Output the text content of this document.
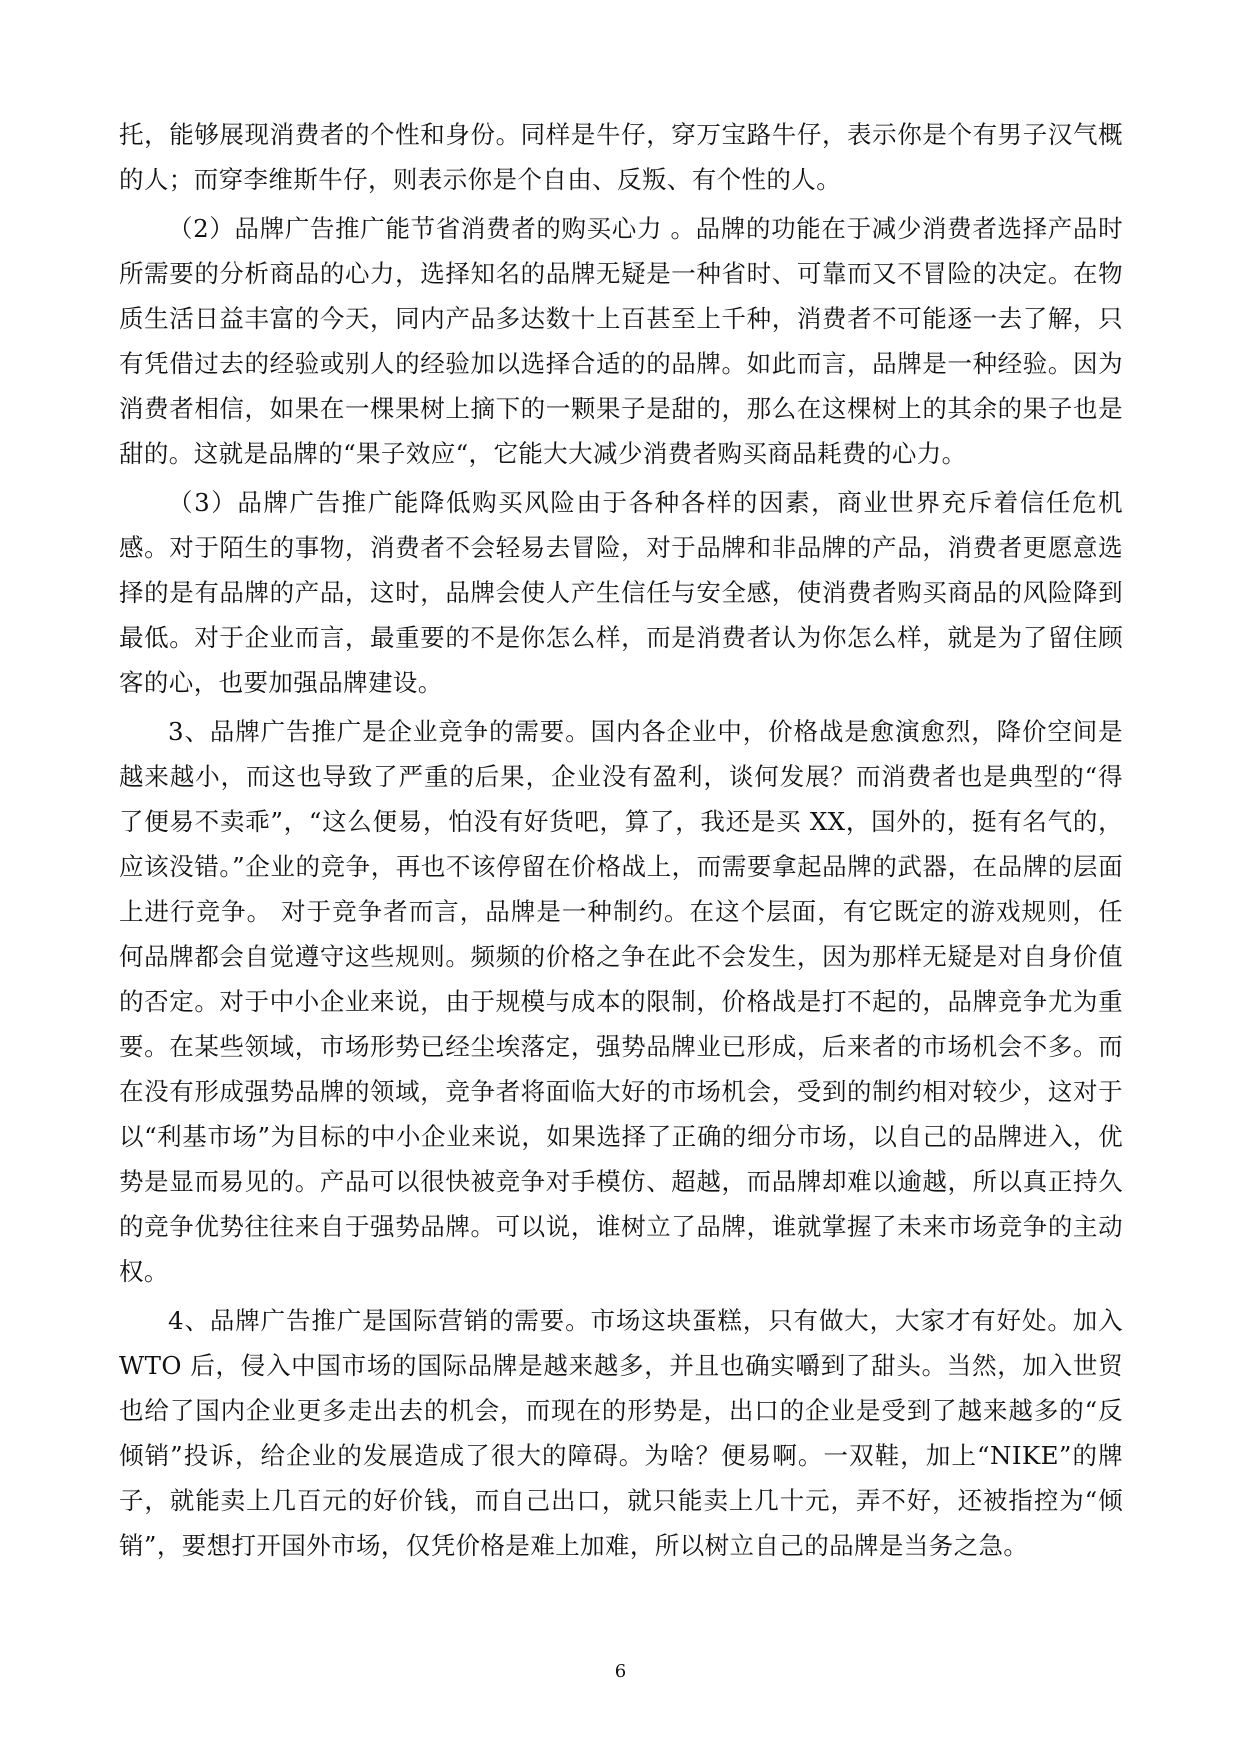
托，能够展现消费者的个性和身份。同样是牛仔，穿万宝路牛仔，表示你是个有男子汉气概的人；而穿李维斯牛仔，则表示你是个自由、反叛、有个性的人。

（2）品牌广告推广能节省消费者的购买心力 。品牌的功能在于减少消费者选择产品时所需要的分析商品的心力，选择知名的品牌无疑是一种省时、可靠而又不冒险的决定。在物质生活日益丰富的今天，同内产品多达数十上百甚至上千种，消费者不可能逐一去了解，只有凭借过去的经验或别人的经验加以选择合适的的品牌。如此而言，品牌是一种经验。因为消费者相信，如果在一棵果树上摘下的一颗果子是甜的，那么在这棵树上的其余的果子也是甜的。这就是品牌的“果子效应“，它能大大减少消费者购买商品耗费的心力。

（3）品牌广告推广能降低购买风险由于各种各样的因素，商业世界充斥着信任危机感。对于陌生的事物，消费者不会轻易去冒险，对于品牌和非品牌的产品，消费者更愿意选择的是有品牌的产品，这时，品牌会使人产生信任与安全感，使消费者购买商品的风险降到最低。对于企业而言，最重要的不是你怎么样，而是消费者认为你怎么样，就是为了留住顾客的心，也要加强品牌建设。

3、品牌广告推广是企业竞争的需要。国内各企业中，价格战是愈演愈烈，降价空间是越来越小，而这也导致了严重的后果，企业没有盈利，谈何发展？而消费者也是典型的“得了便易不卖乖”，“这么便易，怕没有好货吧，算了，我还是买 XX，国外的，挺有名气的，应该没错。”企业的竞争，再也不该停留在价格战上，而需要拿起品牌的武器，在品牌的层面上进行竞争。 对于竞争者而言，品牌是一种制约。在这个层面，有它既定的游戏规则，任何品牌都会自觉遵守这些规则。频频的价格之争在此不会发生，因为那样无疑是对自身价值的否定。对于中小企业来说，由于规模与成本的限制，价格战是打不起的，品牌竞争尤为重要。在某些领域，市场形势已经尘埃落定，强势品牌业已形成，后来者的市场机会不多。而在没有形成强势品牌的领域，竞争者将面临大好的市场机会，受到的制约相对较少，这对于以“利基市场”为目标的中小企业来说，如果选择了正确的细分市场，以自己的品牌进入，优势是显而易见的。产品可以很快被竞争对手模仿、超越，而品牌却难以逾越，所以真正持久的竞争优势往往来自于强势品牌。可以说，谁树立了品牌，谁就掌握了未来市场竞争的主动权。

4、品牌广告推广是国际营销的需要。市场这块蛋糕，只有做大，大家才有好处。加入 WTO 后，侵入中国市场的国际品牌是越来越多，并且也确实嚼到了甜头。当然，加入世贸也给了国内企业更多走出去的机会，而现在的形势是，出口的企业是受到了越来越多的“反倾销”投诉，给企业的发展造成了很大的障碍。为啥？便易啊。一双鞋，加上“NIKE”的牌子，就能卖上几百元的好价钱，而自己出口，就只能卖上几十元，弄不好，还被指控为“倾销”，要想打开国外市场，仅凭价格是难上加难，所以树立自己的品牌是当务之急。

6
